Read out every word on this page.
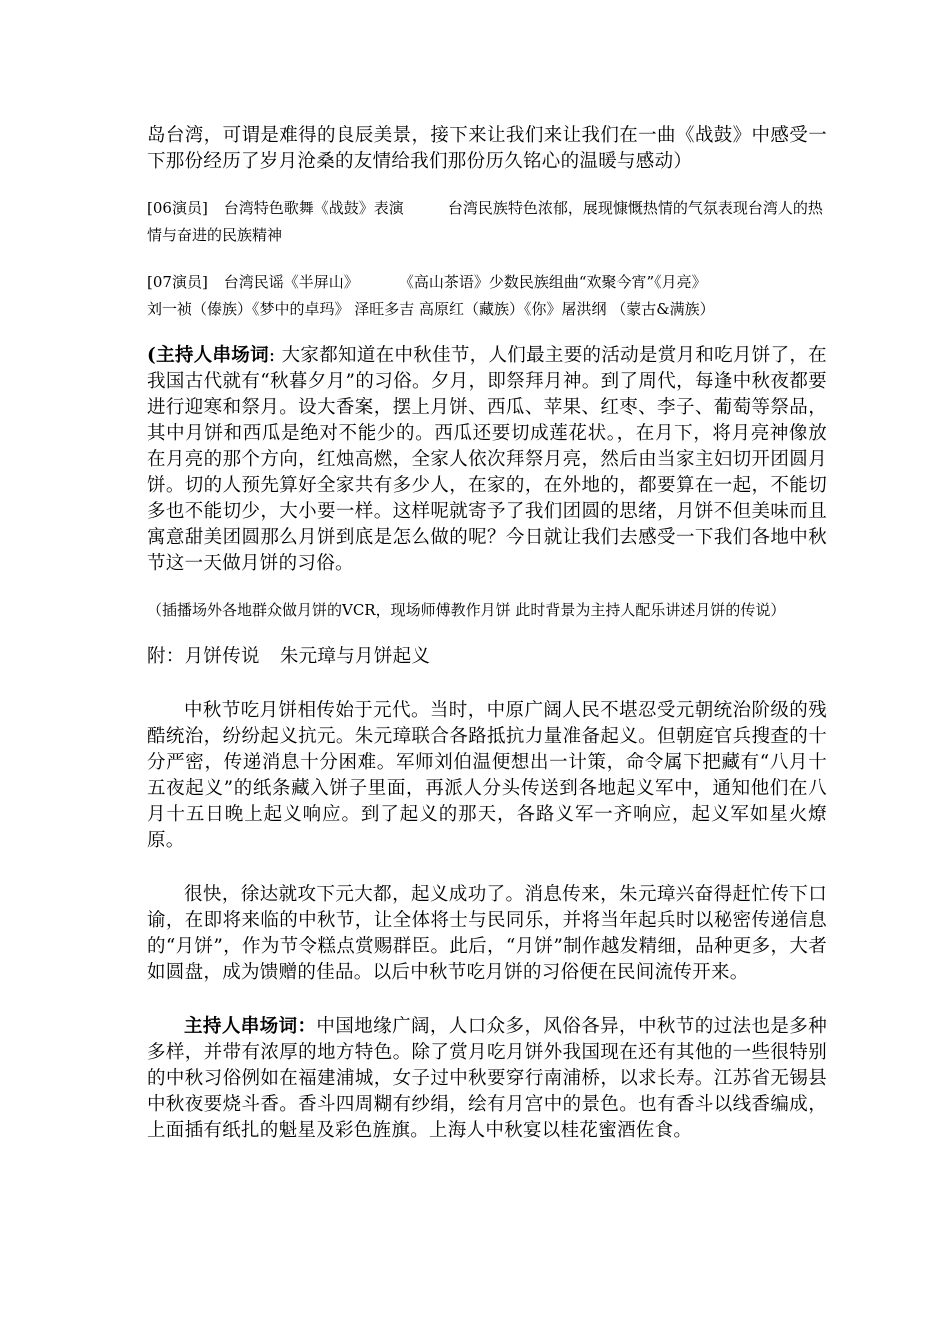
岛台湾，可谓是难得的良辰美景，接下来让我们来让我们在一曲《战鼓》中感受一下那份经历了岁月沧桑的友情给我们那份历久铭心的温暖与感动）

[06演员] 台湾特色歌舞《战鼓》表演	台湾民族特色浓郁，展现慷慨热情的气氛表现台湾人的热情与奋进的民族精神

[07演员] 台湾民谣《半屏山》	《高山茶语》少数民族组曲“欢聚今宵”《月亮》
刘一祯（傣族）《梦中的卓玛》 泽旺多吉 高原红（藏族）《你》屠洪纲 （蒙古&满族）

(主持人串场词: 大家都知道在中秋佳节，人们最主要的活动是赏月和吃月饼了，在我国古代就有“秋暮夕月”的习俗。夕月，即祭拜月神。到了周代，每逢中秋夜都要进行迎寒和祭月。设大香案，摆上月饼、西瓜、苹果、红枣、李子、葡萄等祭品，其中月饼和西瓜是绝对不能少的。西瓜还要切成莲花状。，在月下，将月亮神像放在月亮的那个方向，红烛高燃，全家人依次拜祭月亮，然后由当家主妇切开团圆月饼。切的人预先算好全家共有多少人，在家的，在外地的，都要算在一起，不能切多也不能切少，大小要一样。这样呢就寄予了我们团圆的思绪，月饼不但美味而且寓意甜美团圆那么月饼到底是怎么做的呢？今日就让我们去感受一下我们各地中秋节这一天做月饼的习俗。

（插播场外各地群众做月饼的VCR，现场师傅教作月饼 此时背景为主持人配乐讲述月饼的传说）

附：月饼传说 朱元璋与月饼起义

中秋节吃月饼相传始于元代。当时，中原广阔人民不堪忍受元朝统治阶级的残酷统治，纷纷起义抗元。朱元璋联合各路抵抗力量准备起义。但朝庭官兵搜查的十分严密，传递消息十分困难。军师刘伯温便想出一计策，命令属下把藏有“八月十五夜起义”的纸条藏入饼子里面，再派人分头传送到各地起义军中，通知他们在八月十五日晚上起义响应。到了起义的那天，各路义军一齐响应，起义军如星火燎原。

很快，徐达就攻下元大都，起义成功了。消息传来，朱元璋兴奋得赶忙传下口谕，在即将来临的中秋节，让全体将士与民同乐，并将当年起兵时以秘密传递信息的“月饼”，作为节令糕点赏赐群臣。此后，“月饼”制作越发精细，品种更多，大者如圆盘，成为馈赠的佳品。以后中秋节吃月饼的习俗便在民间流传开来。

主持人串场词：中国地缘广阔，人口众多，风俗各异，中秋节的过法也是多种多样，并带有浓厚的地方特色。除了赏月吃月饼外我国现在还有其他的一些很特别的中秋习俗例如在福建浦城，女子过中秋要穿行南浦桥，以求长寿。江苏省无锡县中秋夜要烧斗香。香斗四周糊有纱绢，绘有月宫中的景色。也有香斗以线香编成，上面插有纸扎的魁星及彩色旌旗。上海人中秋宴以桂花蜜酒佐食。
